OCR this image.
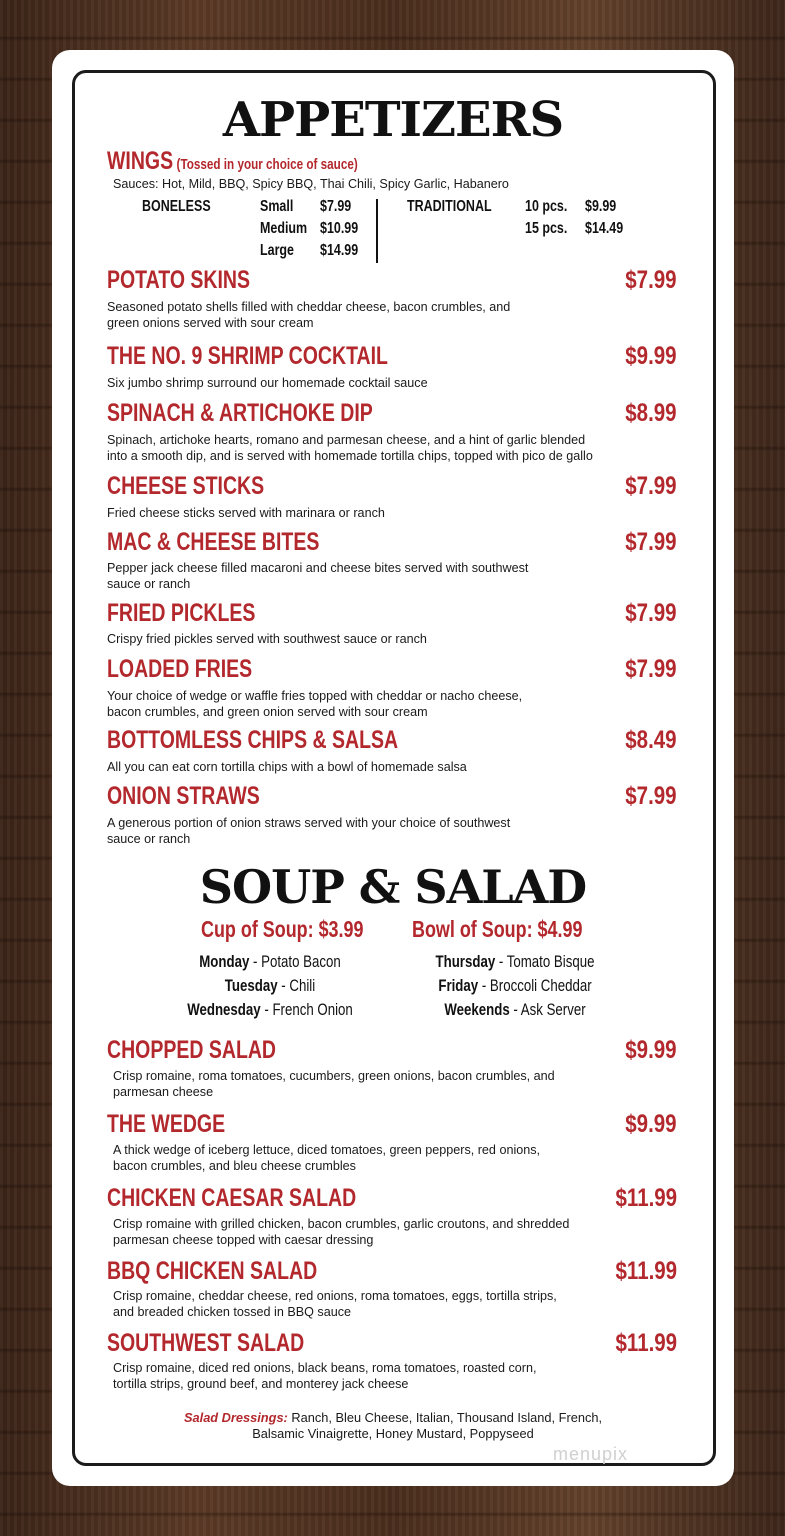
APPETIZERS
WINGS (Tossed in your choice of sauce)
Sauces: Hot, Mild, BBQ, Spicy BBQ, Thai Chili, Spicy Garlic, Habanero
BONELESS	Small $7.99
Medium $10.99
Large $14.99
TRADITIONAL 10 pcs. $9.99
15 pcs. $14.49
POTATO SKINS	$7.99
Seasoned potato shells filled with cheddar cheese, bacon crumbles, and
green onions served with sour cream
THE NO. 9 SHRIMP COCKTAIL	$9.99
Six jumbo shrimp surround our homemade cocktail sauce
SPINACH & ARTICHOKE DIP	$8.99
Spinach, artichoke hearts, romano and parmesan cheese, and a hint of garlic blended
into a smooth dip, and is served with homemade tortilla chips, topped with pico de gallo
CHEESE STICKS	$7.99
Fried cheese sticks served with marinara or ranch
MAC & CHEESE BITES	$7.99
Pepper jack cheese filled macaroni and cheese bites served with southwest
sauce or ranch
FRIED PICKLES	$7.99
Crispy fried pickles served with southwest sauce or ranch
LOADED FRIES	$7.99
Your choice of wedge or waffle fries topped with cheddar or nacho cheese,
bacon crumbles, and green onion served with sour cream
BOTTOMLESS CHIPS & SALSA	$8.49
All you can eat corn tortilla chips with a bowl of homemade salsa
ONION STRAWS	$7.99
A generous portion of onion straws served with your choice of southwest
sauce or ranch
SOUP & SALAD
Cup of Soup: $3.99 Bowl of Soup: $4.99
Monday - Potato Bacon
Tuesday - Chili
Wednesday - French Onion
Thursday - Tomato Bisque
Friday - Broccoli Cheddar
Weekends - Ask Server
CHOPPED SALAD	$9.99
Crisp romaine, roma tomatoes, cucumbers, green onions, bacon crumbles, and
parmesan cheese
THE WEDGE	$9.99
A thick wedge of iceberg lettuce, diced tomatoes, green peppers, red onions,
bacon crumbles, and bleu cheese crumbles
CHICKEN CAESAR SALAD	$11.99
Crisp romaine with grilled chicken, bacon crumbles, garlic croutons, and shredded
parmesan cheese topped with caesar dressing
BBQ CHICKEN SALAD	$11.99
Crisp romaine, cheddar cheese, red onions, roma tomatoes, eggs, tortilla strips,
and breaded chicken tossed in BBQ sauce
SOUTHWEST SALAD	$11.99
Crisp romaine, diced red onions, black beans, roma tomatoes, roasted corn,
tortilla strips, ground beef, and monterey jack cheese
Salad Dressings: Ranch, Bleu Cheese, Italian, Thousand Island, French,
Balsamic Vinaigrette, Honey Mustard, Poppyseed
menupix
